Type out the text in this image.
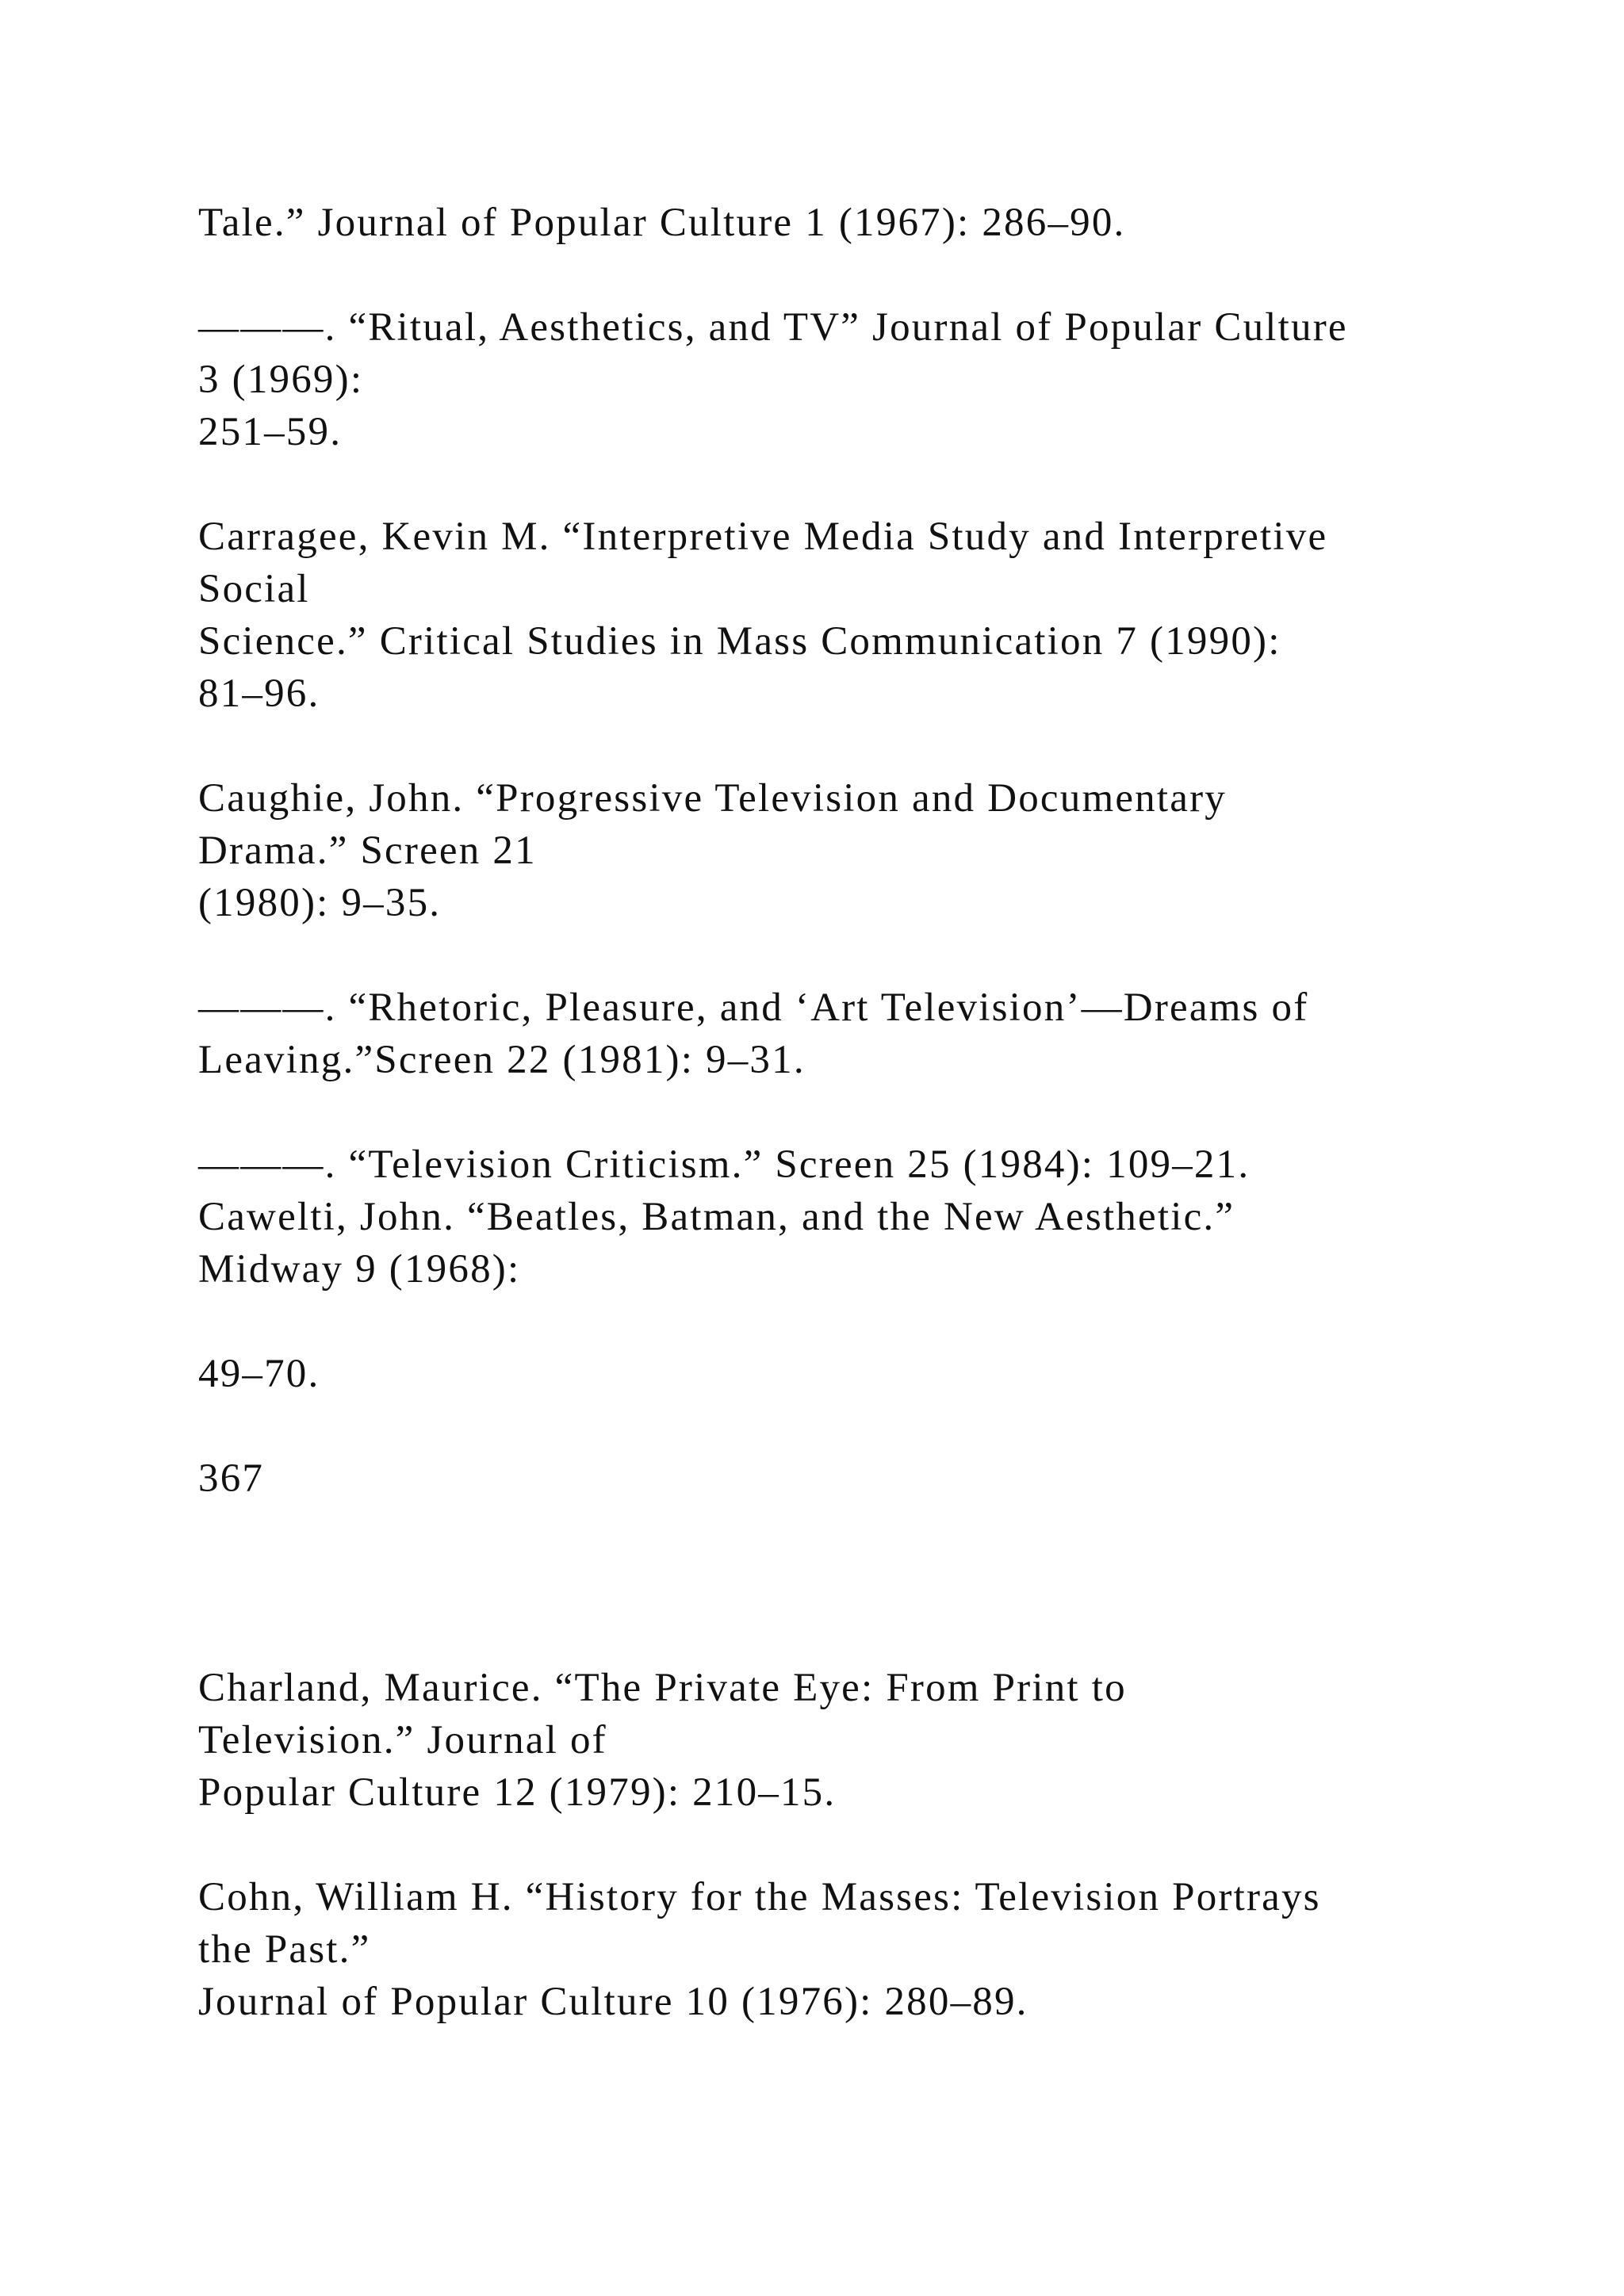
Tale.” Journal of Popular Culture 1 (1967): 286–90.

———. “Ritual, Aesthetics, and TV” Journal of Popular Culture

3 (1969):

251–59.

Carragee, Kevin M. “Interpretive Media Study and Interpretive

Social

Science.” Critical Studies in Mass Communication 7 (1990):

81–96.

Caughie, John. “Progressive Television and Documentary

Drama.” Screen 21

(1980): 9–35.

———. “Rhetoric, Pleasure, and ‘Art Television’—Dreams of

Leaving.”Screen 22 (1981): 9–31.

———. “Television Criticism.” Screen 25 (1984): 109–21.

Cawelti, John. “Beatles, Batman, and the New Aesthetic.”

Midway 9 (1968):

49–70.

367

Charland, Maurice. “The Private Eye: From Print to

Television.” Journal of

Popular Culture 12 (1979): 210–15.

Cohn, William H. “History for the Masses: Television Portrays

the Past.”

Journal of Popular Culture 10 (1976): 280–89.
